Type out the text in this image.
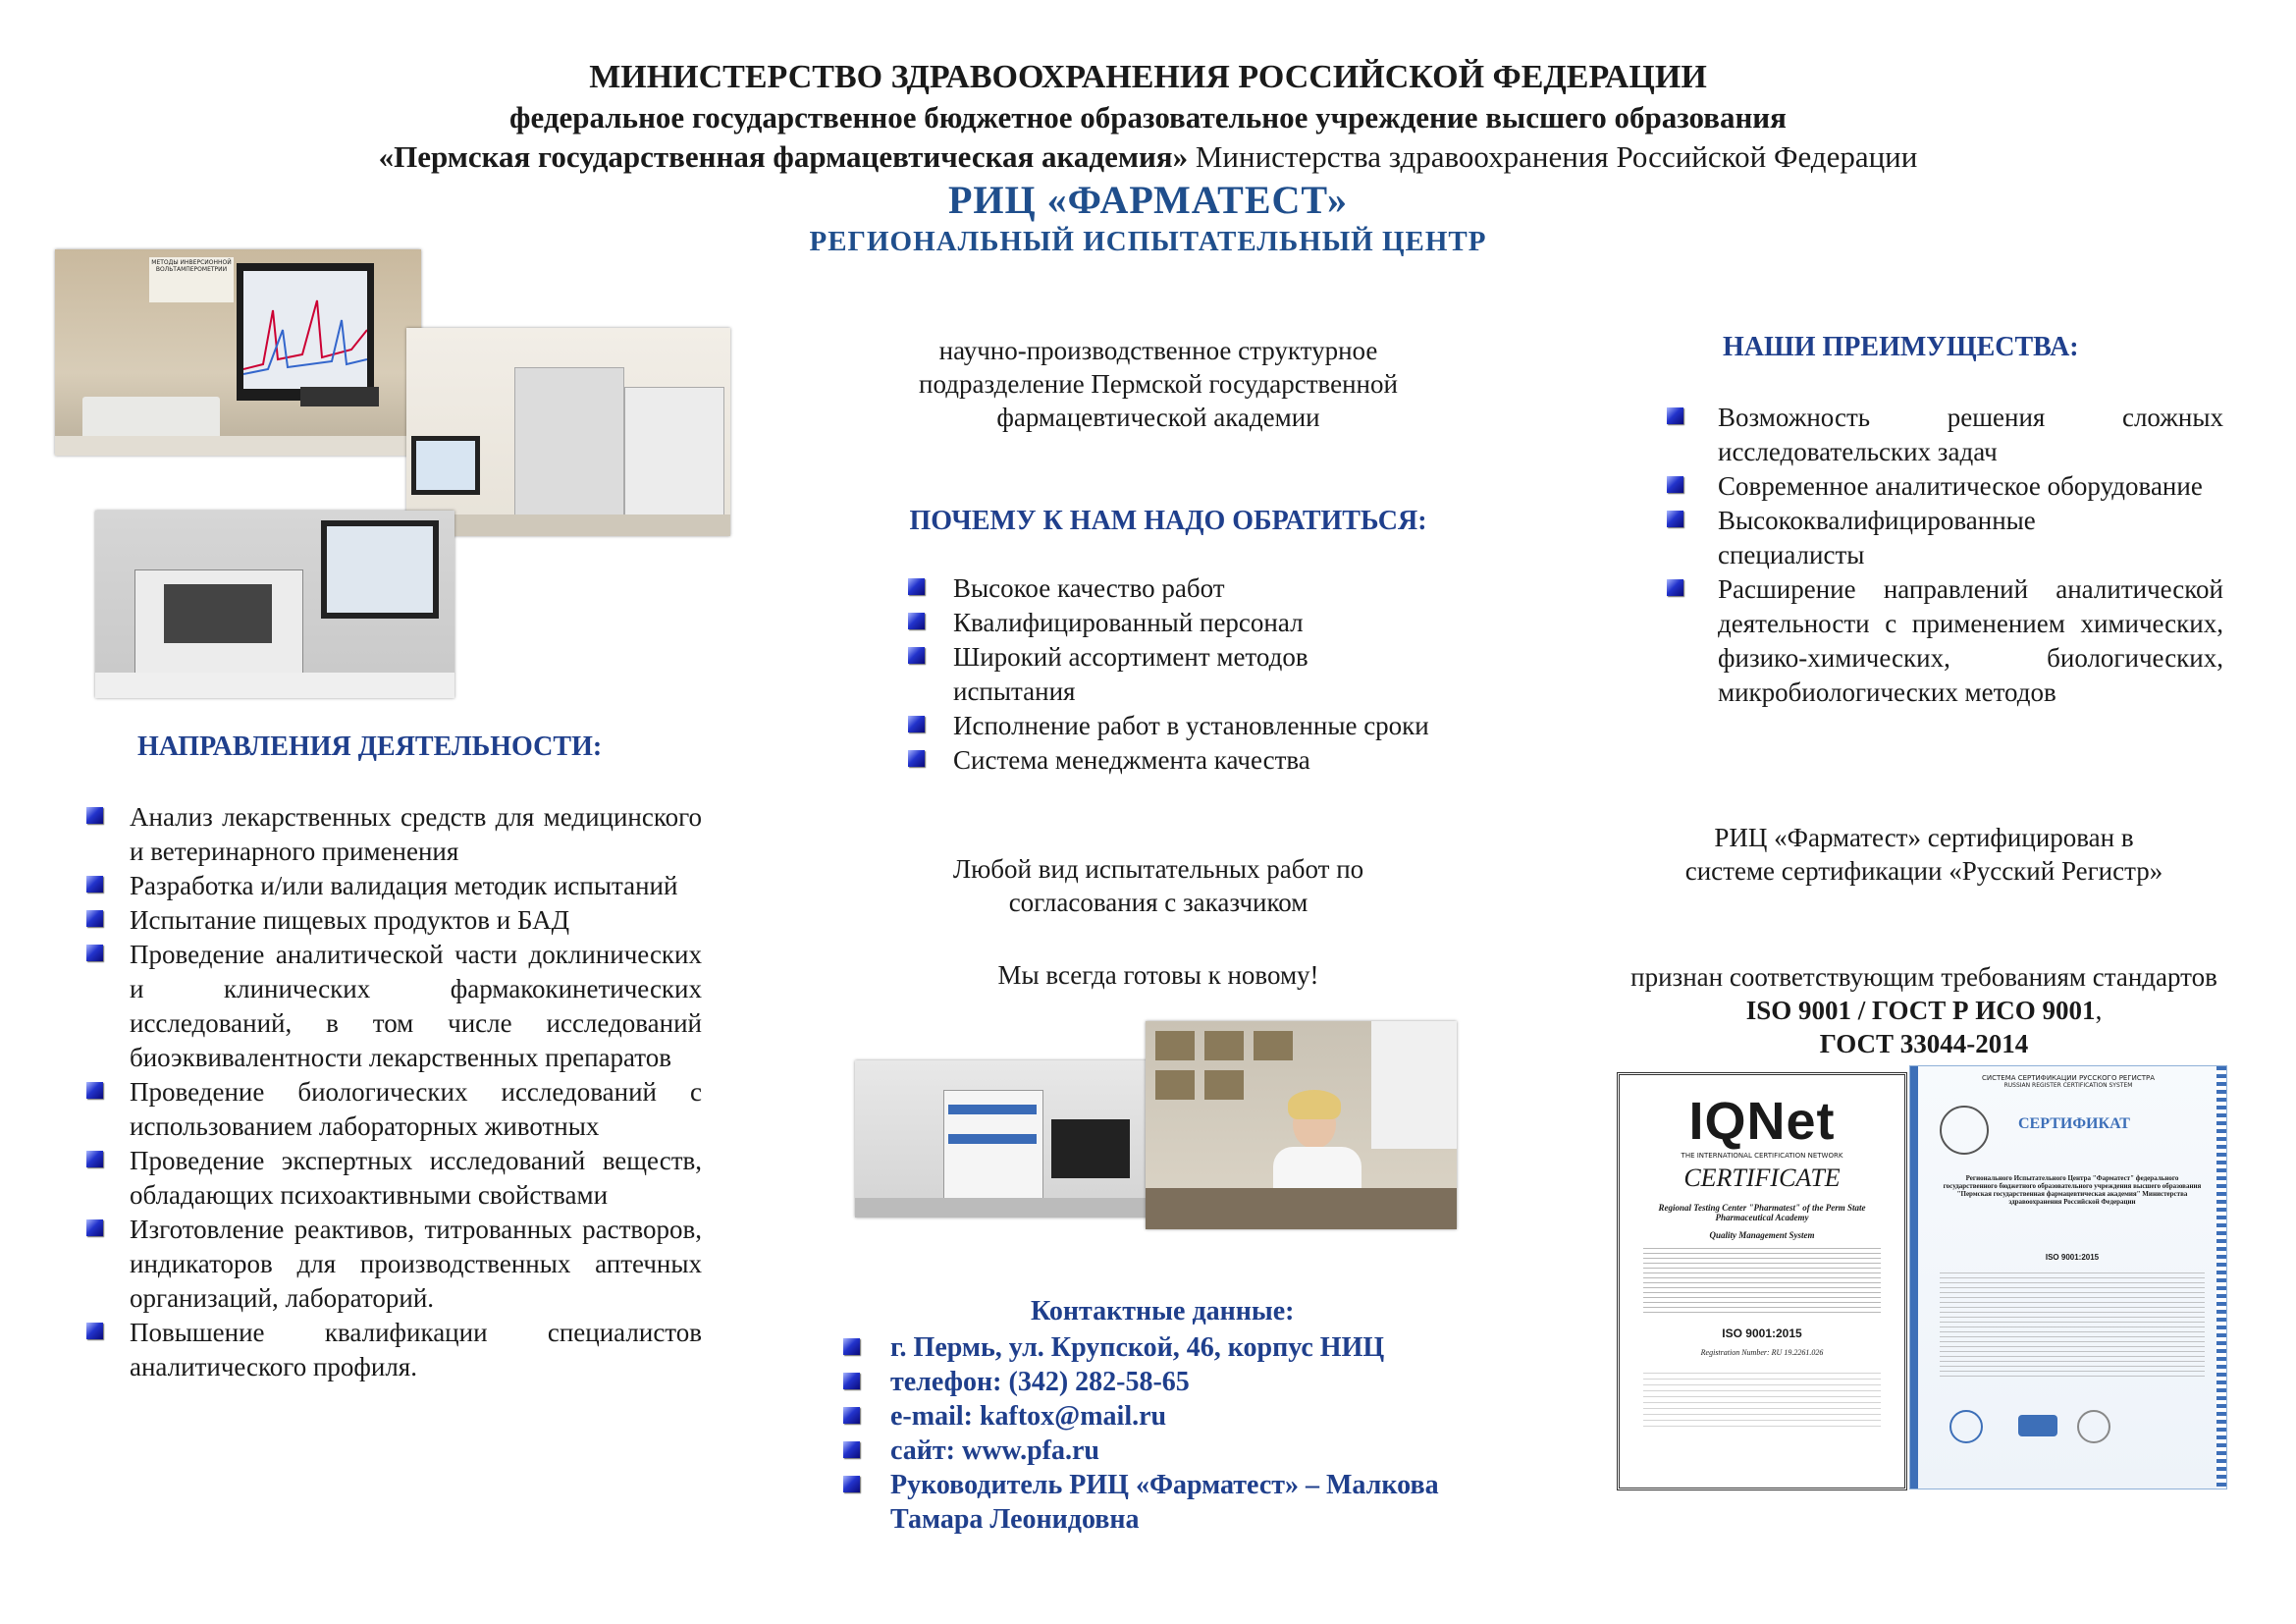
МИНИСТЕРСТВО ЗДРАВООХРАНЕНИЯ РОССИЙСКОЙ ФЕДЕРАЦИИ
федеральное государственное бюджетное образовательное учреждение высшего образования
«Пермская государственная фармацевтическая академия» Министерства здравоохранения Российской Федерации
РИЦ «ФАРМАТЕСТ»
РЕГИОНАЛЬНЫЙ ИСПЫТАТЕЛЬНЫЙ ЦЕНТР
МЕТОДЫ ИНВЕРСИОННОЙ ВОЛЬТАМПЕРОМЕТРИИ
НАПРАВЛЕНИЯ ДЕЯТЕЛЬНОСТИ:
Анализ лекарственных средств для медицинского и ветеринарного применения
Разработка и/или валидация методик испытаний
Испытание пищевых продуктов и БАД
Проведение аналитической части доклинических и клинических фармакокинетических исследований, в том числе исследований биоэквивалентности лекарственных препаратов
Проведение биологических исследований с использованием лабораторных животных
Проведение экспертных исследований веществ, обладающих психоактивными свойствами
Изготовление реактивов, титрованных растворов, индикаторов для производственных аптечных организаций, лабораторий.
Повышение квалификации специалистов аналитического профиля.
научно-производственное структурное подразделение Пермской государственной фармацевтической академии
ПОЧЕМУ К НАМ НАДО ОБРАТИТЬСЯ:
Высокое качество работ
Квалифицированный персонал
Широкий ассортимент методов испытания
Исполнение работ в установленные сроки
Система менеджмента качества
Любой вид испытательных работ по согласования с заказчиком
Мы всегда готовы к новому!
Контактные данные:
г. Пермь, ул. Крупской, 46, корпус НИЦ
телефон: (342) 282-58-65
e-mail: kaftox@mail.ru
сайт: www.pfa.ru
Руководитель РИЦ «Фарматест» – Малкова Тамара Леонидовна
НАШИ ПРЕИМУЩЕСТВА:
Возможность решения сложных исследовательских задач
Современное аналитическое оборудование
Высококвалифицированные специалисты
Расширение направлений аналитической деятельности с применением химических, физико-химических, биологических, микробиологических методов
РИЦ «Фарматест» сертифицирован в системе сертификации «Русский Регистр»
признан соответствующим требованиям стандартов ISO 9001 / ГОСТ Р ИСО 9001,
ГОСТ 33044-2014
IQNet
THE INTERNATIONAL CERTIFICATION NETWORK
CERTIFICATE
Regional Testing Center "Pharmatest" of the Perm State Pharmaceutical Academy
Quality Management System
ISO 9001:2015
Registration Number: RU 19.2261.026
СИСТЕМА СЕРТИФИКАЦИИ РУССКОГО РЕГИСТРА
RUSSIAN REGISTER CERTIFICATION SYSTEM
СЕРТИФИКАТ
Регионального Испытательного Центра "Фарматест" федерального государственного бюджетного образовательного учреждения высшего образования "Пермская государственная фармацевтическая академия" Министерства здравоохранения Российской Федерации
ISO 9001:2015
